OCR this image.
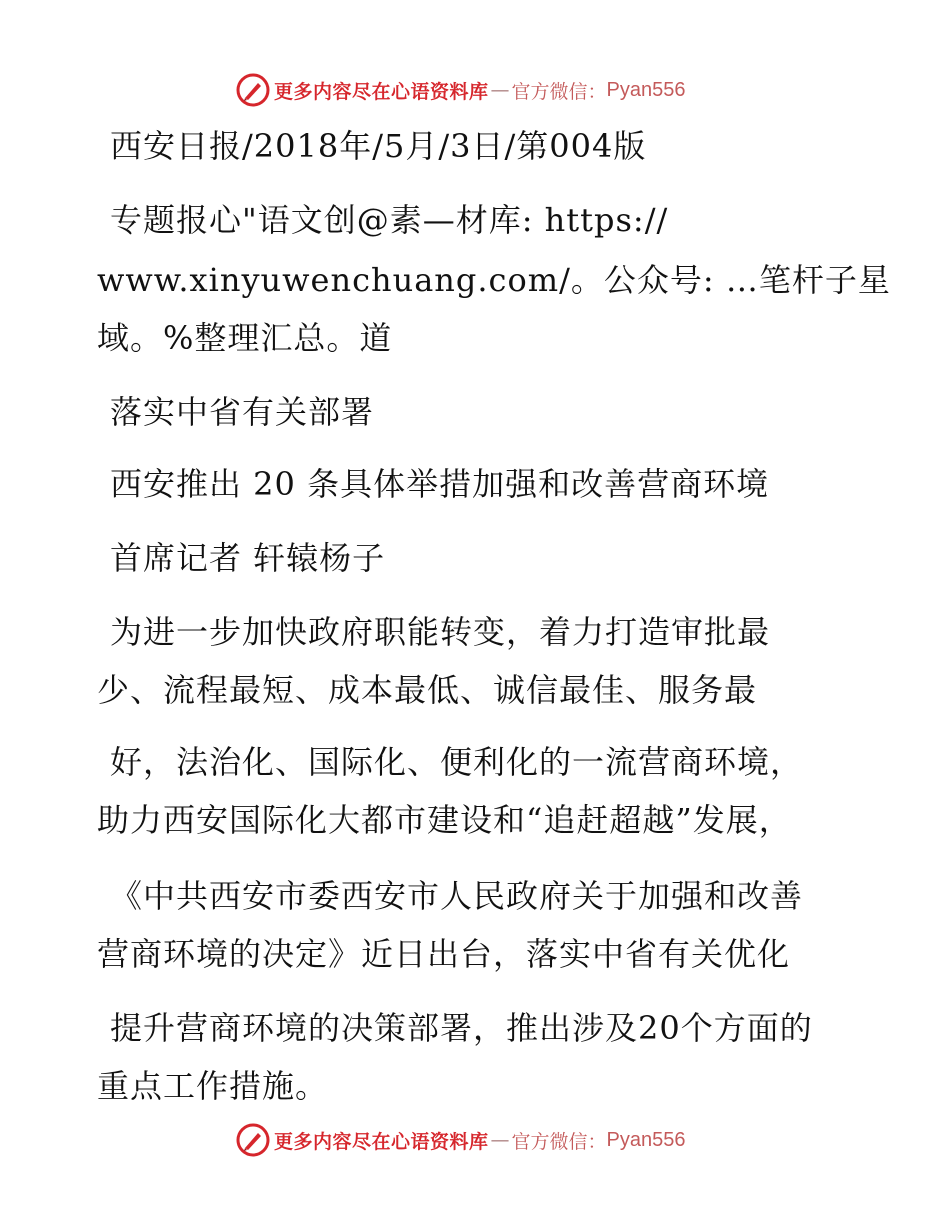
更多内容尽在心语资料库 — 官方微信： Pyan556
西安日报/2018年/5月/3日/第004版
专题报心"语文创@素—材库: https://
www.xinyuwenchuang.com/。公众号: …笔杆子星
域。%整理汇总。道
落实中省有关部署
西安推出 20 条具体举措加强和改善营商环境
首席记者 轩辕杨子
为进一步加快政府职能转变，着力打造审批最
少、流程最短、成本最低、诚信最佳、服务最
好，法治化、国际化、便利化的一流营商环境，
助力西安国际化大都市建设和“追赶超越”发展，
《中共西安市委西安市人民政府关于加强和改善
营商环境的决定》近日出台，落实中省有关优化
提升营商环境的决策部署，推出涉及20个方面的
重点工作措施。
更多内容尽在心语资料库 — 官方微信： Pyan556
